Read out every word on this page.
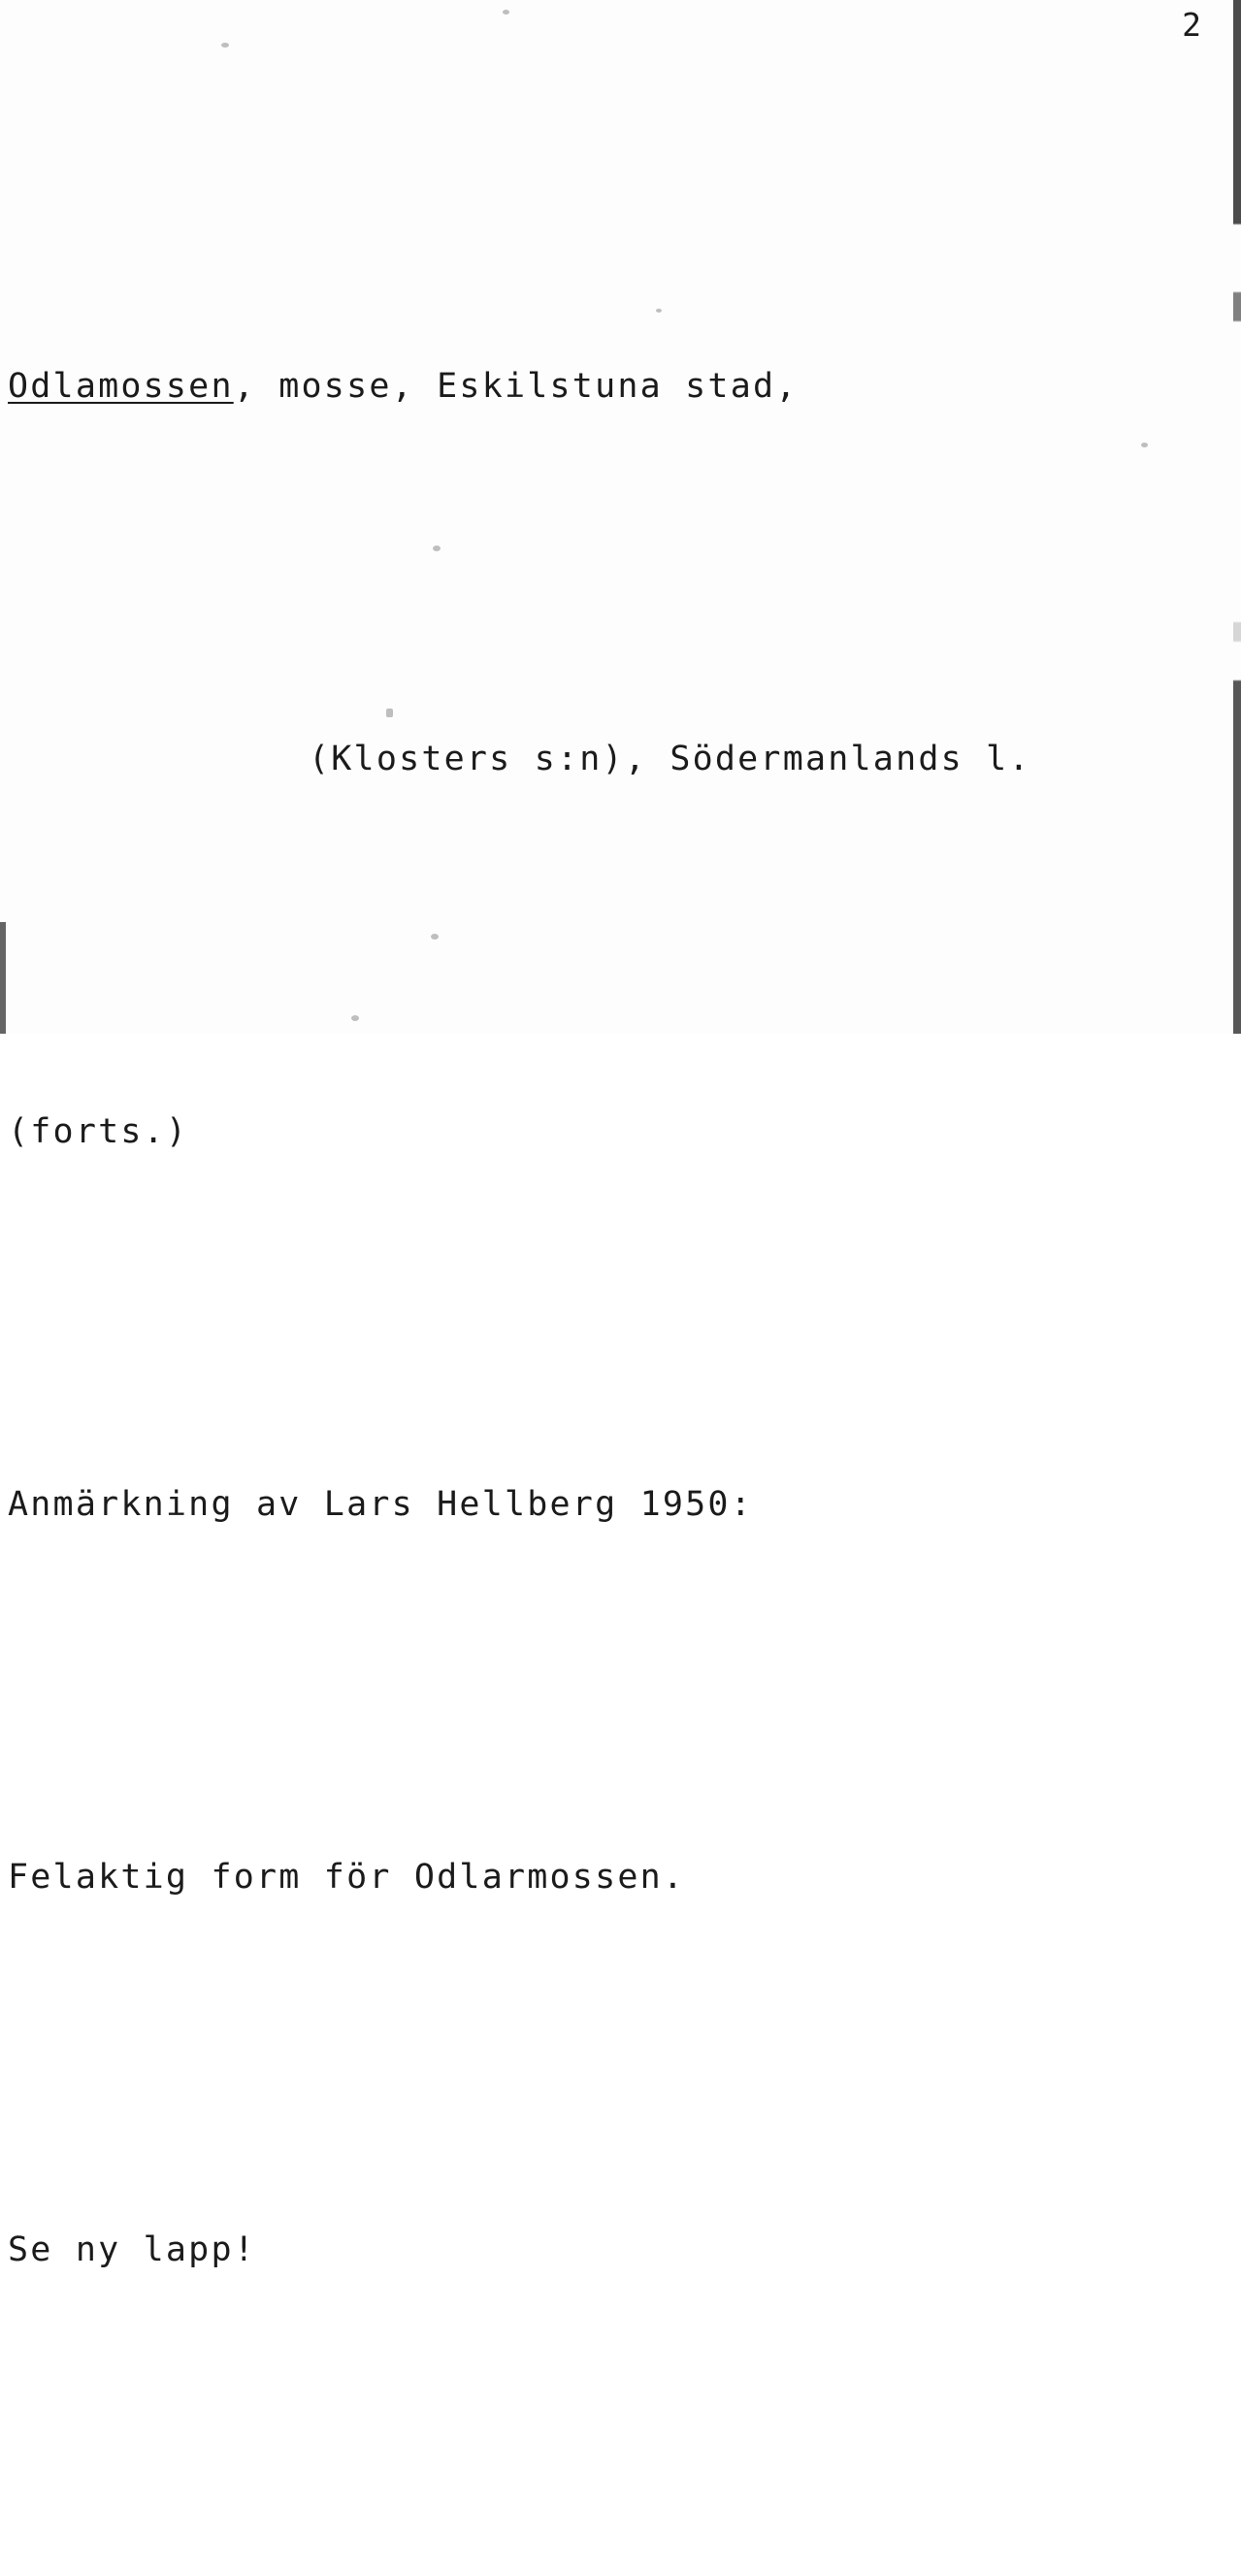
2

Odlamossen, mosse, Eskilstuna stad,

(Klosters s:n), Södermanlands l.

(forts.)

Anmärkning av Lars Hellberg 1950:

Felaktig form för Odlarmossen.

Se ny lapp!
